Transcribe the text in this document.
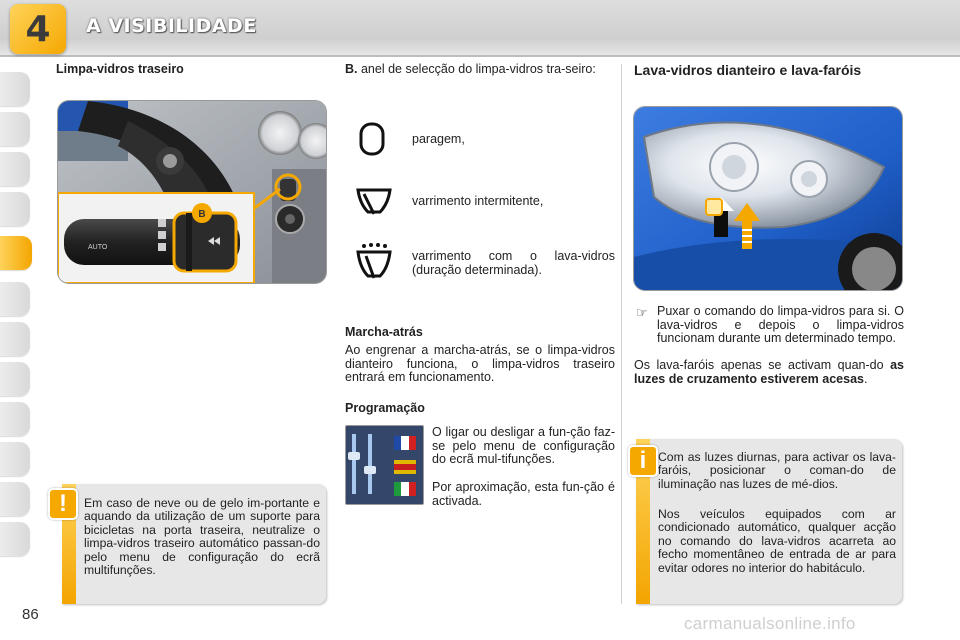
4 A VISIBILIDADE
Limpa-vidros traseiro
AUTO
B
! Em caso de neve ou de gelo im-portante e aquando da utilização de um suporte para bicicletas na porta traseira, neutralize o limpa-vidros traseiro automático passan-do pelo menu de configuração do ecrã multifunções.
86
B. anel de selecção do limpa-vidros tra-seiro:
paragem,
varrimento intermitente,
varrimento com o lava-vidros (duração determinada).
Marcha-atrás
Ao engrenar a marcha-atrás, se o limpa-vidros dianteiro funciona, o limpa-vidros traseiro entrará em funcionamento.
Programação
O ligar ou desligar a fun-ção faz-se pelo menu de configuração do ecrã mul-tifunções.
Por aproximação, esta fun-ção é activada.
Lava-vidros dianteiro e lava-faróis
☞ Puxar o comando do limpa-vidros para si. O lava-vidros e depois o limpa-vidros funcionam durante um determinado tempo.
Os lava-faróis apenas se activam quan-do as luzes de cruzamento estiverem acesas.
i Com as luzes diurnas, para activar os lava-faróis, posicionar o coman-do de iluminação nas luzes de mé-dios.
Nos veículos equipados com ar condicionado automático, qualquer acção no comando do lava-vidros acarreta ao fecho momentâneo de entrada de ar para evitar odores no interior do habitáculo.
carmanualsonline.info
